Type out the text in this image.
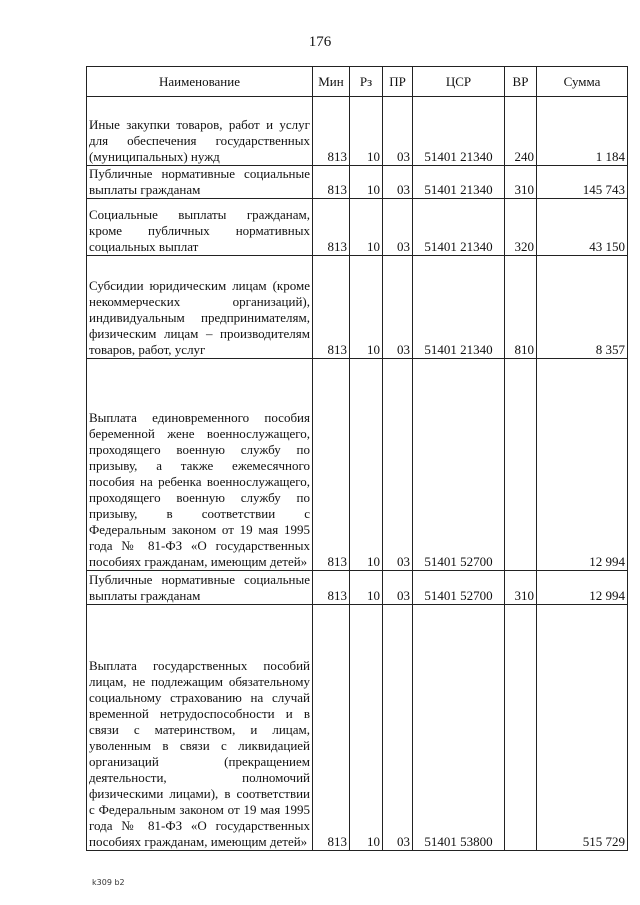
176
Наименование	Мин	Рз	ПР	ЦСР	ВР	Сумма
Иные закупки товаров, работ и услуг для обеспечения государственных (муниципальных) нужд	813	10	03	51401 21340	240	1 184
Публичные нормативные социальные выплаты гражданам	813	10	03	51401 21340	310	145 743
Социальные выплаты гражданам, кроме публичных нормативных социальных выплат	813	10	03	51401 21340	320	43 150
Субсидии юридическим лицам (кроме некоммерческих организаций), индивидуальным предпринимателям, физическим лицам – производителям товаров, работ, услуг	813	10	03	51401 21340	810	8 357
Выплата единовременного пособия беременной жене военнослужащего, проходящего военную службу по призыву, а также ежемесячного пособия на ребенка военнослужащего, проходящего военную службу по призыву, в соответствии с Федеральным законом от 19 мая 1995 года № 81-ФЗ «О государственных пособиях гражданам, имеющим детей»	813	10	03	51401 52700		12 994
Публичные нормативные социальные выплаты гражданам	813	10	03	51401 52700	310	12 994
Выплата государственных пособий лицам, не подлежащим обязательному социальному страхованию на случай временной нетрудоспособности и в связи с материнством, и лицам, уволенным в связи с ликвидацией организаций (прекращением деятельности, полномочий физическими лицами), в соответствии с Федеральным законом от 19 мая 1995 года № 81-ФЗ «О государственных пособиях гражданам, имеющим детей»	813	10	03	51401 53800		515 729
k309 b2
